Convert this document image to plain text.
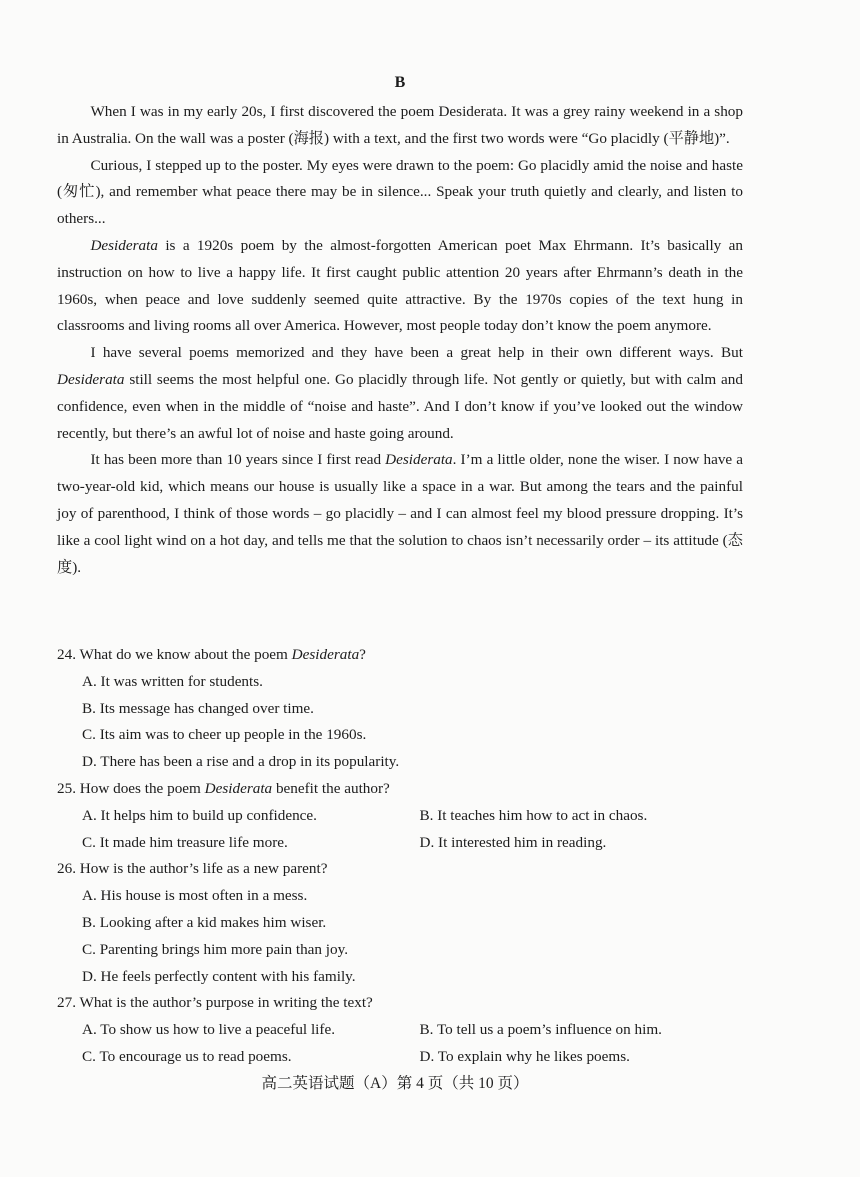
B

When I was in my early 20s, I first discovered the poem Desiderata. It was a grey rainy weekend in a shop in Australia. On the wall was a poster (海报) with a text, and the first two words were “Go placidly (平静地)”.

Curious, I stepped up to the poster. My eyes were drawn to the poem: Go placidly amid the noise and haste (匆忙), and remember what peace there may be in silence... Speak your truth quietly and clearly, and listen to others...

Desiderata is a 1920s poem by the almost-forgotten American poet Max Ehrmann. It’s basically an instruction on how to live a happy life. It first caught public attention 20 years after Ehrmann’s death in the 1960s, when peace and love suddenly seemed quite attractive. By the 1970s copies of the text hung in classrooms and living rooms all over America. However, most people today don’t know the poem anymore.

I have several poems memorized and they have been a great help in their own different ways. But Desiderata still seems the most helpful one. Go placidly through life. Not gently or quietly, but with calm and confidence, even when in the middle of “noise and haste”. And I don’t know if you’ve looked out the window recently, but there’s an awful lot of noise and haste going around.

It has been more than 10 years since I first read Desiderata. I’m a little older, none the wiser. I now have a two-year-old kid, which means our house is usually like a space in a war. But among the tears and the painful joy of parenthood, I think of those words – go placidly – and I can almost feel my blood pressure dropping. It’s like a cool light wind on a hot day, and tells me that the solution to chaos isn’t necessarily order – its attitude (态度).

24. What do we know about the poem Desiderata?

A. It was written for students.

B. Its message has changed over time.

C. Its aim was to cheer up people in the 1960s.

D. There has been a rise and a drop in its popularity.

25. How does the poem Desiderata benefit the author?

A. It helps him to build up confidence.	B. It teaches him how to act in chaos.

C. It made him treasure life more.	D. It interested him in reading.

26. How is the author’s life as a new parent?

A. His house is most often in a mess.

B. Looking after a kid makes him wiser.

C. Parenting brings him more pain than joy.

D. He feels perfectly content with his family.

27. What is the author’s purpose in writing the text?

A. To show us how to live a peaceful life.	B. To tell us a poem’s influence on him.

C. To encourage us to read poems.	D. To explain why he likes poems.

高二英语试题（A）第 4 页（共 10 页）
